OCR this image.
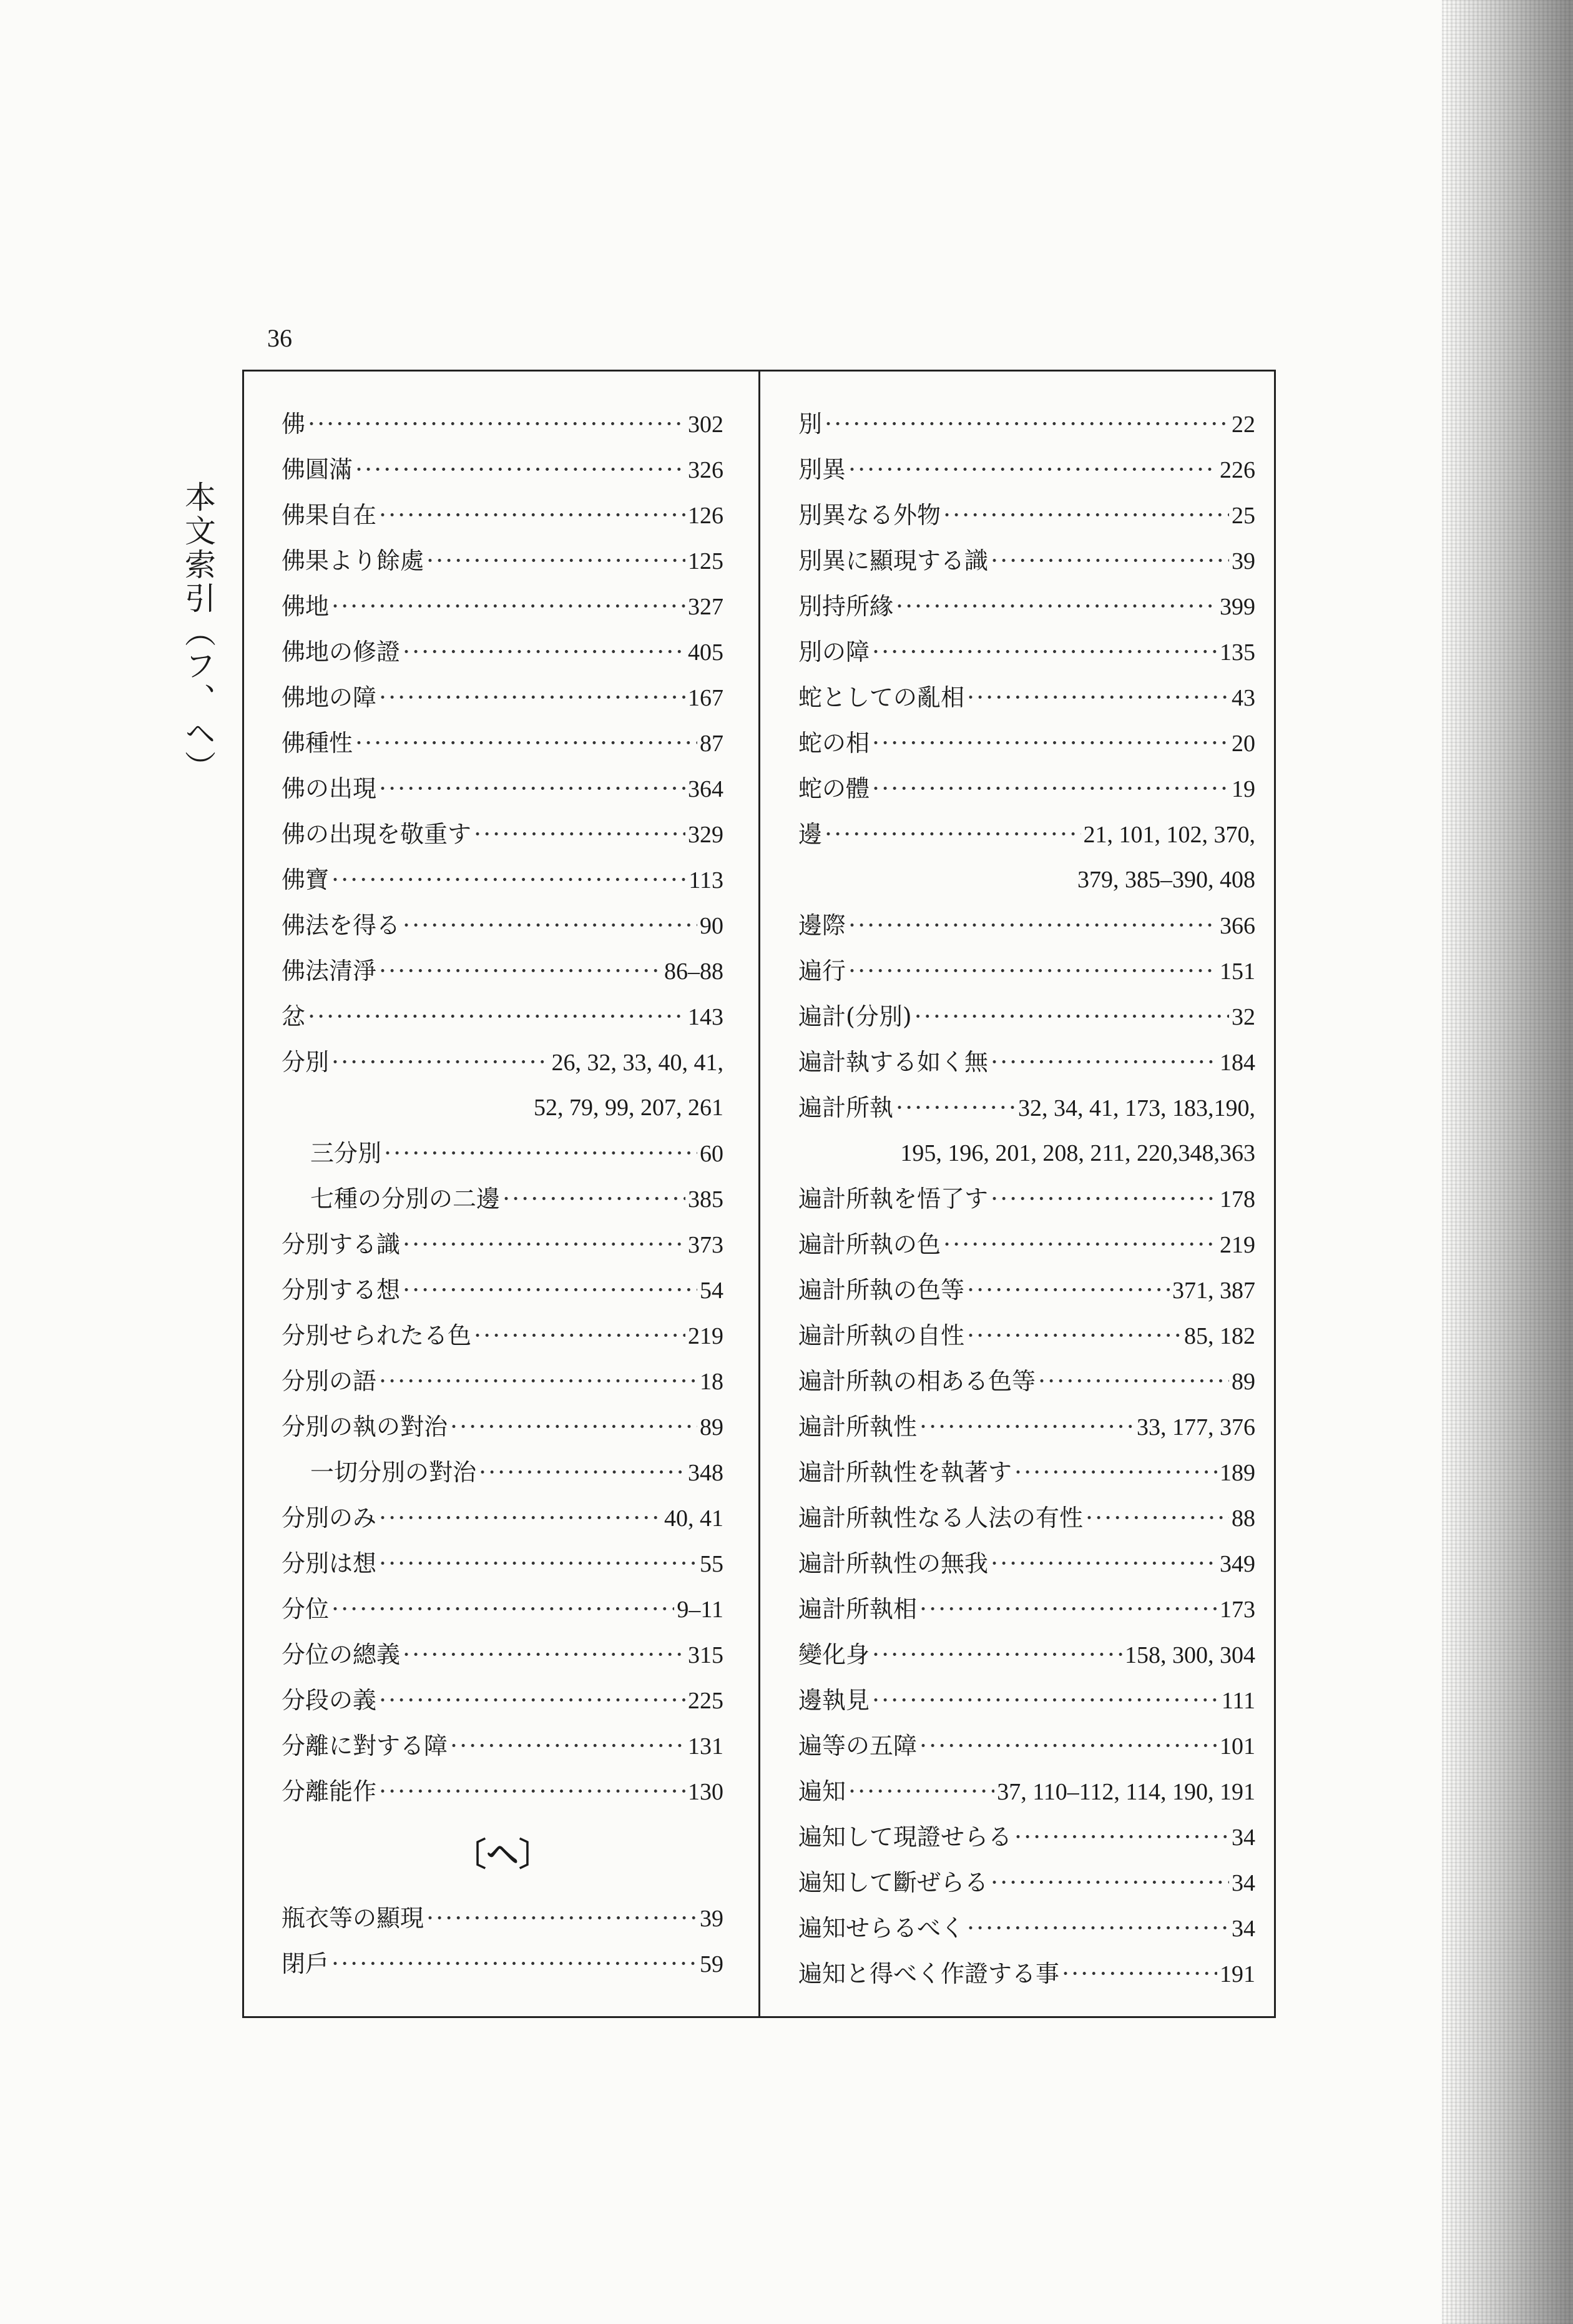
36
本文索引（フ、ヘ）
佛 ·····	302
佛圓滿 ·····	326
佛果自在 ·····	126
佛果より餘處 ·····	125
佛地 ·····	327
佛地の修證 ·····	405
佛地の障 ·····	167
佛種性 ·····	87
佛の出現 ·····	364
佛の出現を敬重す ·····	329
佛寶 ·····	113
佛法を得る ·····	90
佛法清淨 ·····	86–88
忿 ·····	143
分別 ·····	26, 32, 33, 40, 41,
52, 79, 99, 207, 261
三分別 ·····	60
七種の分別の二邊 ·····	385
分別する識 ·····	373
分別する想 ·····	54
分別せられたる色 ·····	219
分別の語 ·····	18
分別の執の對治 ·····	89
一切分別の對治 ·····	348
分別のみ ·····	40, 41
分別は想 ·····	55
分位 ·····	9–11
分位の總義 ·····	315
分段の義 ·····	225
分離に對する障 ·····	131
分離能作 ·····	130
〔ヘ〕
瓶衣等の顯現 ·····	39
閉戶 ·····	59
別 ·····	22
別異 ·····	226
別異なる外物 ·····	25
別異に顯現する識 ·····	39
別持所緣 ·····	399
別の障 ·····	135
蛇としての亂相 ·····	43
蛇の相 ·····	20
蛇の體 ·····	19
邊 ·····	21, 101, 102, 370,
379, 385–390, 408
邊際 ·····	366
遍行 ·····	151
遍計(分別) ·····	32
遍計執する如く無 ·····	184
遍計所執 ·····	32, 34, 41, 173, 183,190,
195, 196, 201, 208, 211, 220,348,363
遍計所執を悟了す ·····	178
遍計所執の色 ·····	219
遍計所執の色等 ·····	371, 387
遍計所執の自性 ·····	85, 182
遍計所執の相ある色等 ·····	89
遍計所執性 ·····	33, 177, 376
遍計所執性を執著す ·····	189
遍計所執性なる人法の有性 ·····	88
遍計所執性の無我 ·····	349
遍計所執相 ·····	173
變化身 ·····	158, 300, 304
邊執見 ·····	111
遍等の五障 ·····	101
遍知 ·····	37, 110–112, 114, 190, 191
遍知して現證せらる ·····	34
遍知して斷ぜらる ·····	34
遍知せらるべく ·····	34
遍知と得べく作證する事 ·····	191
